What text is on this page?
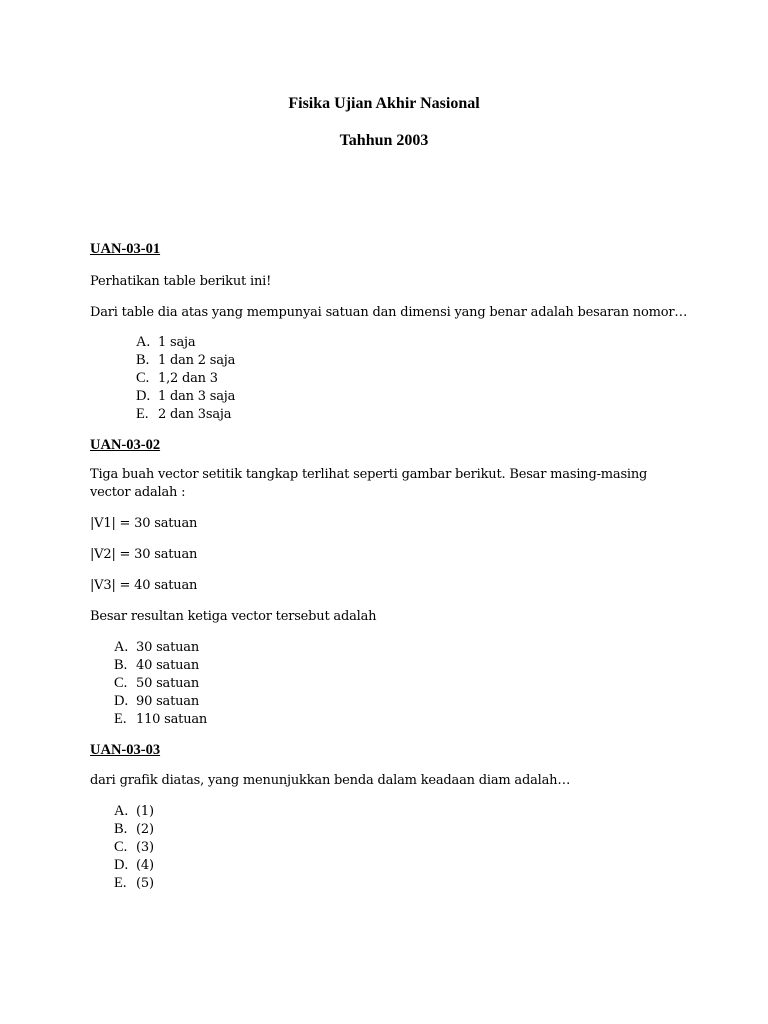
Fisika Ujian Akhir Nasional
Tahhun 2003
UAN-03-01

Perhatikan table berikut ini!

Dari table dia atas yang mempunyai satuan dan dimensi yang benar adalah besaran nomor…

A. 1 saja
B. 1 dan 2 saja
C. 1,2 dan 3
D. 1 dan 3 saja
E. 2 dan 3saja
UAN-03-02

Tiga buah vector setitik tangkap terlihat seperti gambar berikut. Besar masing-masing vector adalah :

|V1| = 30 satuan

|V2| = 30 satuan

|V3| = 40 satuan

Besar resultan ketiga vector tersebut adalah

A. 30 satuan
B. 40 satuan
C. 50 satuan
D. 90 satuan
E. 110 satuan
UAN-03-03

dari grafik diatas, yang menunjukkan benda dalam keadaan diam adalah…

A. (1)
B. (2)
C. (3)
D. (4)
E. (5)
